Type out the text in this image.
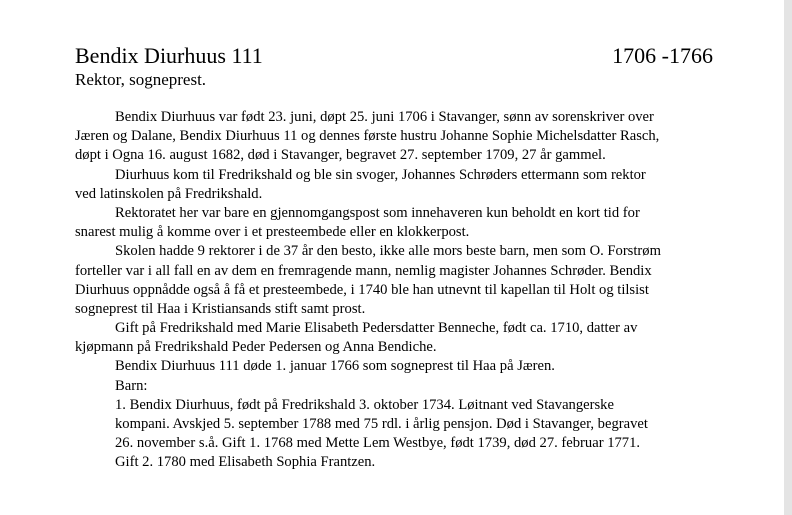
Bendix Diurhuus 111	1706 -1766
Rektor, sogneprest.
Bendix Diurhuus var født 23. juni, døpt 25. juni 1706 i Stavanger, sønn av sorenskriver over
Jæren og Dalane, Bendix Diurhuus 11 og dennes første hustru Johanne Sophie Michelsdatter Rasch,
døpt i Ogna 16. august 1682, død i Stavanger, begravet 27. september 1709, 27 år gammel.
Diurhuus kom til Fredrikshald og ble sin svoger, Johannes Schrøders ettermann som rektor
ved latinskolen på Fredrikshald.
Rektoratet her var bare en gjennomgangspost som innehaveren kun beholdt en kort tid for
snarest mulig å komme over i et presteembede eller en klokkerpost.
Skolen hadde 9 rektorer i de 37 år den besto, ikke alle mors beste barn, men som O. Forstrøm
forteller var i all fall en av dem en fremragende mann, nemlig magister Johannes Schrøder. Bendix
Diurhuus oppnådde også å få et presteembede, i 1740 ble han utnevnt til kapellan til Holt og tilsist
sogneprest til Haa i Kristiansands stift samt prost.
Gift på Fredrikshald med Marie Elisabeth Pedersdatter Benneche, født ca. 1710, datter av
kjøpmann på Fredrikshald Peder Pedersen og Anna Bendiche.
Bendix Diurhuus 111 døde 1. januar 1766 som sogneprest til Haa på Jæren.
Barn:
1. Bendix Diurhuus, født på Fredrikshald 3. oktober 1734. Løitnant ved Stavangerske
kompani. Avskjed 5. september 1788 med 75 rdl. i årlig pensjon. Død i Stavanger, begravet
26. november s.å. Gift 1. 1768 med Mette Lem Westbye, født 1739, død 27. februar 1771.
Gift 2. 1780 med Elisabeth Sophia Frantzen.
